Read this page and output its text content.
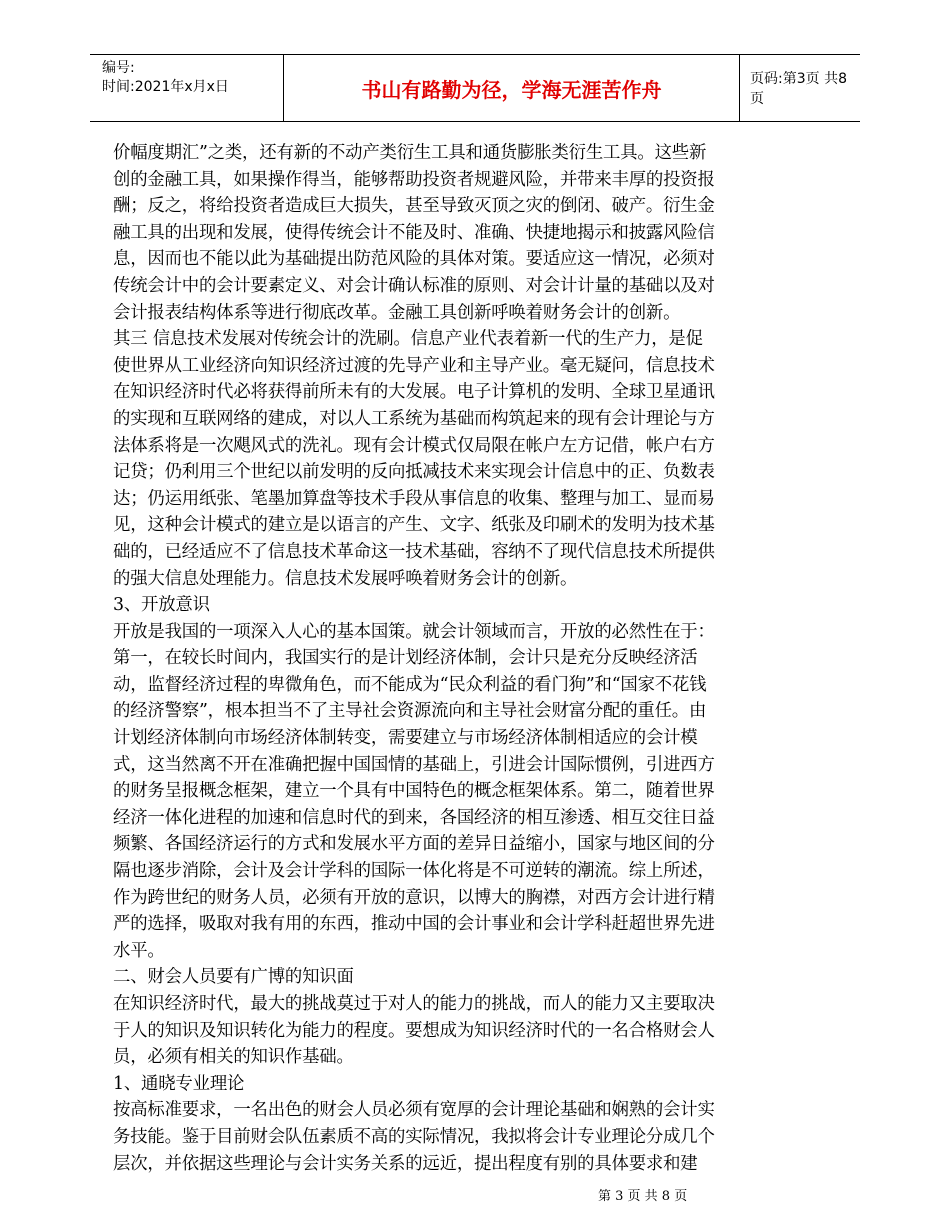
编号:
时间:2021年x月x日	书山有路勤为径，学海无涯苦作舟	页码:第3页 共8页
价幅度期汇”之类，还有新的不动产类衍生工具和通货膨胀类衍生工具。这些新
创的金融工具，如果操作得当，能够帮助投资者规避风险，并带来丰厚的投资报
酬；反之，将给投资者造成巨大损失，甚至导致灭顶之灾的倒闭、破产。衍生金
融工具的出现和发展，使得传统会计不能及时、准确、快捷地揭示和披露风险信
息，因而也不能以此为基础提出防范风险的具体对策。要适应这一情况，必须对
传统会计中的会计要素定义、对会计确认标准的原则、对会计计量的基础以及对
会计报表结构体系等进行彻底改革。金融工具创新呼唤着财务会计的创新。
其三 信息技术发展对传统会计的洗刷。信息产业代表着新一代的生产力，是促
使世界从工业经济向知识经济过渡的先导产业和主导产业。毫无疑问，信息技术
在知识经济时代必将获得前所未有的大发展。电子计算机的发明、全球卫星通讯
的实现和互联网络的建成，对以人工系统为基础而构筑起来的现有会计理论与方
法体系将是一次飓风式的洗礼。现有会计模式仅局限在帐户左方记借，帐户右方
记贷；仍利用三个世纪以前发明的反向抵减技术来实现会计信息中的正、负数表
达；仍运用纸张、笔墨加算盘等技术手段从事信息的收集、整理与加工、显而易
见，这种会计模式的建立是以语言的产生、文字、纸张及印刷术的发明为技术基
础的，已经适应不了信息技术革命这一技术基础，容纳不了现代信息技术所提供
的强大信息处理能力。信息技术发展呼唤着财务会计的创新。
3、开放意识
开放是我国的一项深入人心的基本国策。就会计领域而言，开放的必然性在于：
第一，在较长时间内，我国实行的是计划经济体制，会计只是充分反映经济活
动，监督经济过程的卑微角色，而不能成为“民众利益的看门狗”和“国家不花钱
的经济警察”，根本担当不了主导社会资源流向和主导社会财富分配的重任。由
计划经济体制向市场经济体制转变，需要建立与市场经济体制相适应的会计模
式，这当然离不开在准确把握中国国情的基础上，引进会计国际惯例，引进西方
的财务呈报概念框架，建立一个具有中国特色的概念框架体系。第二，随着世界
经济一体化进程的加速和信息时代的到来，各国经济的相互渗透、相互交往日益
频繁、各国经济运行的方式和发展水平方面的差异日益缩小，国家与地区间的分
隔也逐步消除，会计及会计学科的国际一体化将是不可逆转的潮流。综上所述，
作为跨世纪的财务人员，必须有开放的意识，以博大的胸襟，对西方会计进行精
严的选择，吸取对我有用的东西，推动中国的会计事业和会计学科赶超世界先进
水平。
二、财会人员要有广博的知识面
在知识经济时代，最大的挑战莫过于对人的能力的挑战，而人的能力又主要取决
于人的知识及知识转化为能力的程度。要想成为知识经济时代的一名合格财会人
员，必须有相关的知识作基础。
1、通晓专业理论
按高标准要求，一名出色的财会人员必须有宽厚的会计理论基础和娴熟的会计实
务技能。鉴于目前财会队伍素质不高的实际情况，我拟将会计专业理论分成几个
层次，并依据这些理论与会计实务关系的远近，提出程度有别的具体要求和建
第 3 页 共 8 页
